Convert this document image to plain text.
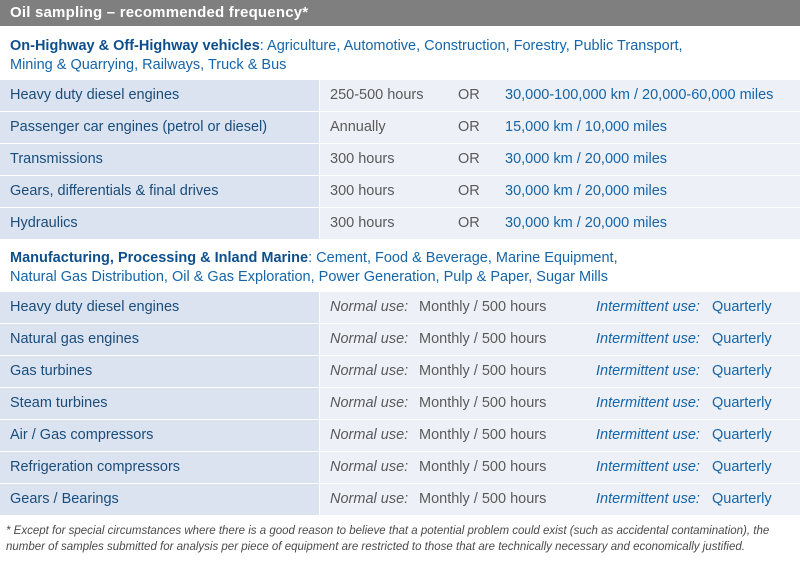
Oil sampling – recommended frequency*
On-Highway & Off-Highway vehicles: Agriculture, Automotive, Construction, Forestry, Public Transport,
Mining & Quarrying, Railways, Truck & Bus
Heavy duty diesel engines	250-500 hours OR 30,000-100,000 km / 20,000-60,000 miles
Passenger car engines (petrol or diesel)	Annually	OR 15,000 km / 10,000 miles
Transmissions	300 hours	OR 30,000 km / 20,000 miles
Gears, differentials & final drives	300 hours	OR 30,000 km / 20,000 miles
Hydraulics	300 hours	OR 30,000 km / 20,000 miles
Manufacturing, Processing & Inland Marine: Cement, Food & Beverage, Marine Equipment,
Natural Gas Distribution, Oil & Gas Exploration, Power Generation, Pulp & Paper, Sugar Mills
Heavy duty diesel engines	Normal use: Monthly / 500 hours	Intermittent use: Quarterly
Natural gas engines	Normal use: Monthly / 500 hours	Intermittent use: Quarterly
Gas turbines	Normal use: Monthly / 500 hours	Intermittent use: Quarterly
Steam turbines	Normal use: Monthly / 500 hours	Intermittent use: Quarterly
Air / Gas compressors	Normal use: Monthly / 500 hours	Intermittent use: Quarterly
Refrigeration compressors	Normal use: Monthly / 500 hours	Intermittent use: Quarterly
Gears / Bearings	Normal use: Monthly / 500 hours	Intermittent use: Quarterly
* Except for special circumstances where there is a good reason to believe that a potential problem could exist (such as accidental contamination), the number of samples submitted for analysis per piece of equipment are restricted to those that are technically necessary and economically justified.
